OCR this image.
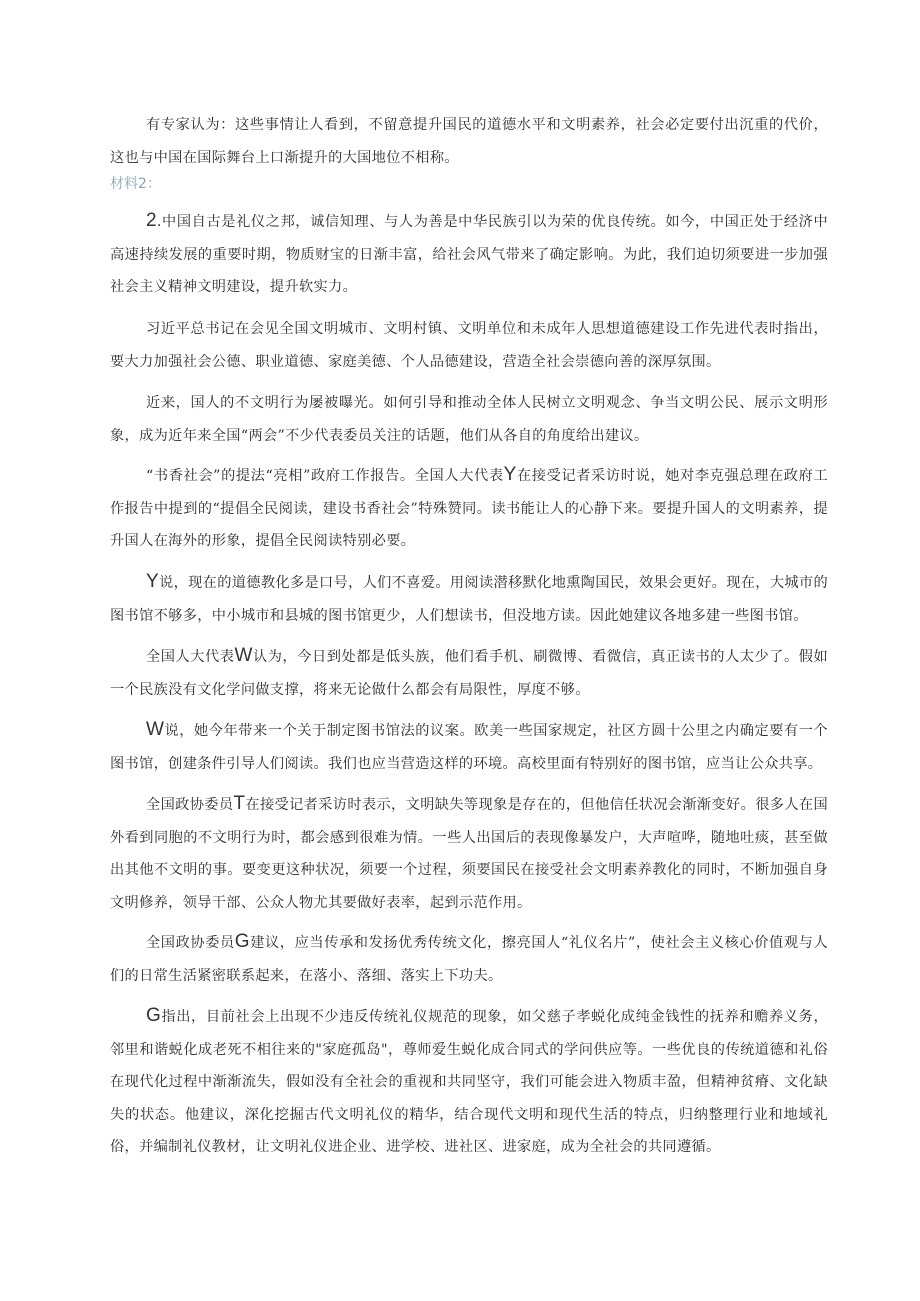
有专家认为：这些事情让人看到，不留意提升国民的道德水平和文明素养，社会必定要付出沉重的代价，这也与中国在国际舞台上口渐提升的大国地位不相称。

材料2：

2.中国自古是礼仪之邦，诚信知理、与人为善是中华民族引以为荣的优良传统。如今，中国正处于经济中高速持续发展的重要时期，物质财宝的日渐丰富，给社会风气带来了确定影响。为此，我们迫切须要进一步加强社会主义精神文明建设，提升软实力。

习近平总书记在会见全国文明城市、文明村镇、文明单位和未成年人思想道德建设工作先进代表时指出，要大力加强社会公德、职业道德、家庭美德、个人品德建设，营造全社会崇德向善的深厚氛围。

近来，国人的不文明行为屡被曝光。如何引导和推动全体人民树立文明观念、争当文明公民、展示文明形象，成为近年来全国“两会”不少代表委员关注的话题，他们从各自的角度给出建议。

“书香社会”的提法“亮相”政府工作报告。全国人大代表Y在接受记者采访时说，她对李克强总理在政府工作报告中提到的“提倡全民阅读，建设书香社会”特殊赞同。读书能让人的心静下来。要提升国人的文明素养，提升国人在海外的形象，提倡全民阅读特别必要。

Y说，现在的道德教化多是口号，人们不喜爱。用阅读潜移默化地熏陶国民，效果会更好。现在，大城市的图书馆不够多，中小城市和县城的图书馆更少，人们想读书，但没地方读。因此她建议各地多建一些图书馆。

全国人大代表W认为，今日到处都是低头族，他们看手机、刷微博、看微信，真正读书的人太少了。假如一个民族没有文化学问做支撑，将来无论做什么都会有局限性，厚度不够。

W说，她今年带来一个关于制定图书馆法的议案。欧美一些国家规定，社区方圆十公里之内确定要有一个图书馆，创建条件引导人们阅读。我们也应当营造这样的环境。高校里面有特别好的图书馆，应当让公众共享。

全国政协委员T在接受记者采访时表示，文明缺失等现象是存在的，但他信任状况会渐渐变好。很多人在国外看到同胞的不文明行为时，都会感到很难为情。一些人出国后的表现像暴发户，大声喧哗，随地吐痰，甚至做出其他不文明的事。要变更这种状况，须要一个过程，须要国民在接受社会文明素养教化的同时，不断加强自身文明修养，领导干部、公众人物尤其要做好表率，起到示范作用。

全国政协委员G建议，应当传承和发扬优秀传统文化，擦亮国人“礼仪名片”，使社会主义核心价值观与人们的日常生活紧密联系起来，在落小、落细、落实上下功夫。

G指出，目前社会上出现不少违反传统礼仪规范的现象，如父慈子孝蜕化成纯金钱性的抚养和赡养义务，邻里和谐蜕化成老死不相往来的"家庭孤岛"，尊师爱生蜕化成合同式的学问供应等。一些优良的传统道德和礼俗在现代化过程中渐渐流失，假如没有全社会的重视和共同坚守，我们可能会进入物质丰盈，但精神贫瘠、文化缺失的状态。他建议，深化挖掘古代文明礼仪的精华，结合现代文明和现代生活的特点，归纳整理行业和地域礼俗，并编制礼仪教材，让文明礼仪进企业、进学校、进社区、进家庭，成为全社会的共同遵循。
